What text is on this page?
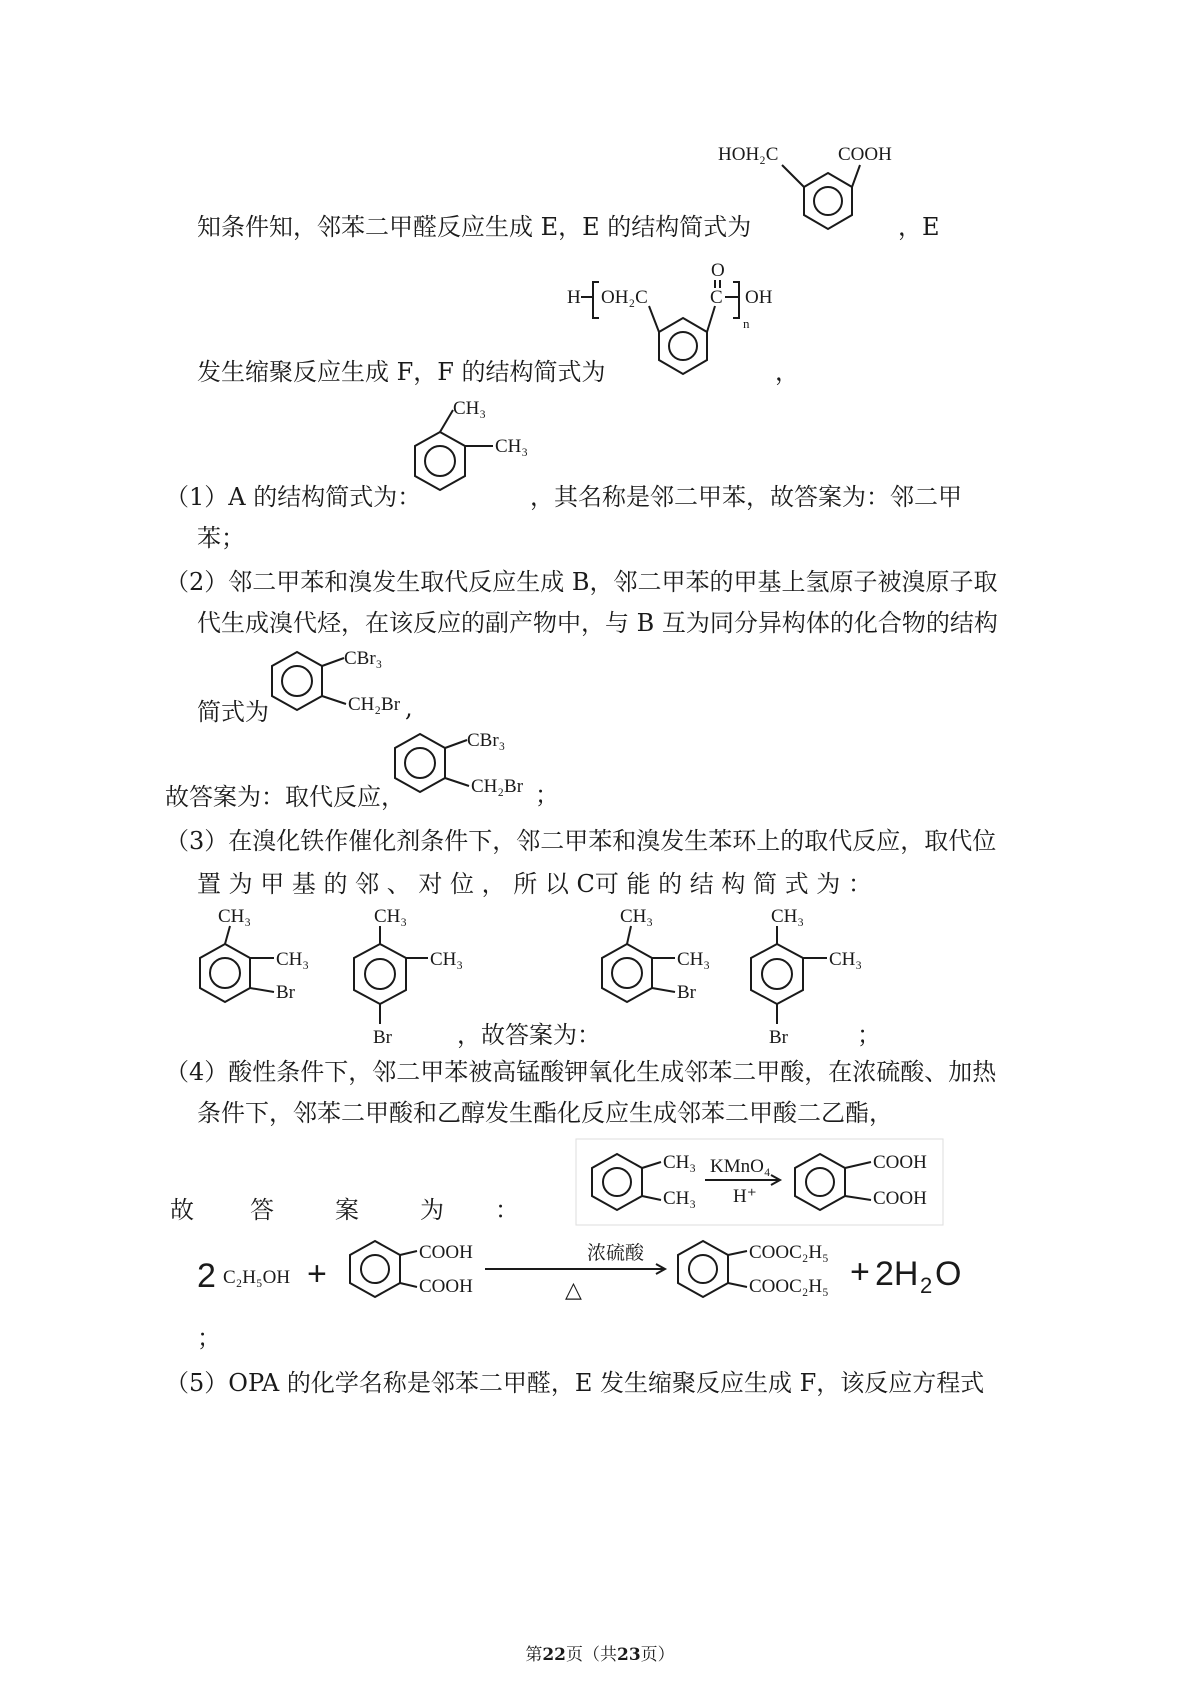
知条件知，邻苯二甲醛反应生成 E，E 的结构简式为	，E
HOH₂C	COOH
发生缩聚反应生成 F，F 的结构简式为	，
H OH₂C
O
C
n
OH
（1）A 的结构简式为：	，其名称是邻二甲苯，故答案为：邻二甲
苯；
CH₃
CH₃
（2）邻二甲苯和溴发生取代反应生成 B，邻二甲苯的甲基上氢原子被溴原子取
代生成溴代烃，在该反应的副产物中，与 B 互为同分异构体的化合物的结构
简式为	,
CBr₃
CH₂Br
故答案为：取代反应，	；
CBr₃
CH₂Br
（3）在溴化铁作催化剂条件下，邻二甲苯和溴发生苯环上的取代反应，取代位
置 为 甲 基 的 邻 、 对 位 ， 所 以 C可 能 的 结 构 简 式 为 ：
，故答案为：	；
CH₃
CH₃
Br
CH₃
CH₃
Br
CH₃
CH₃
Br
CH₃
CH₃
Br
（4）酸性条件下，邻二甲苯被高锰酸钾氧化生成邻苯二甲酸，在浓硫酸、加热
条件下，邻苯二甲酸和乙醇发生酯化反应生成邻苯二甲酸二乙酯，
故 答	案	为 ：
CH₃
CH₃
KMnO₄
H⁺
COOH
COOH
2 C₂H₅OH +
COOH
COOH
浓硫酸
△
COOC₂H₅
COOC₂H₅ + 2H 2 O
；
（5）OPA 的化学名称是邻苯二甲醛，E 发生缩聚反应生成 F，该反应方程式
第22页（共23页）
